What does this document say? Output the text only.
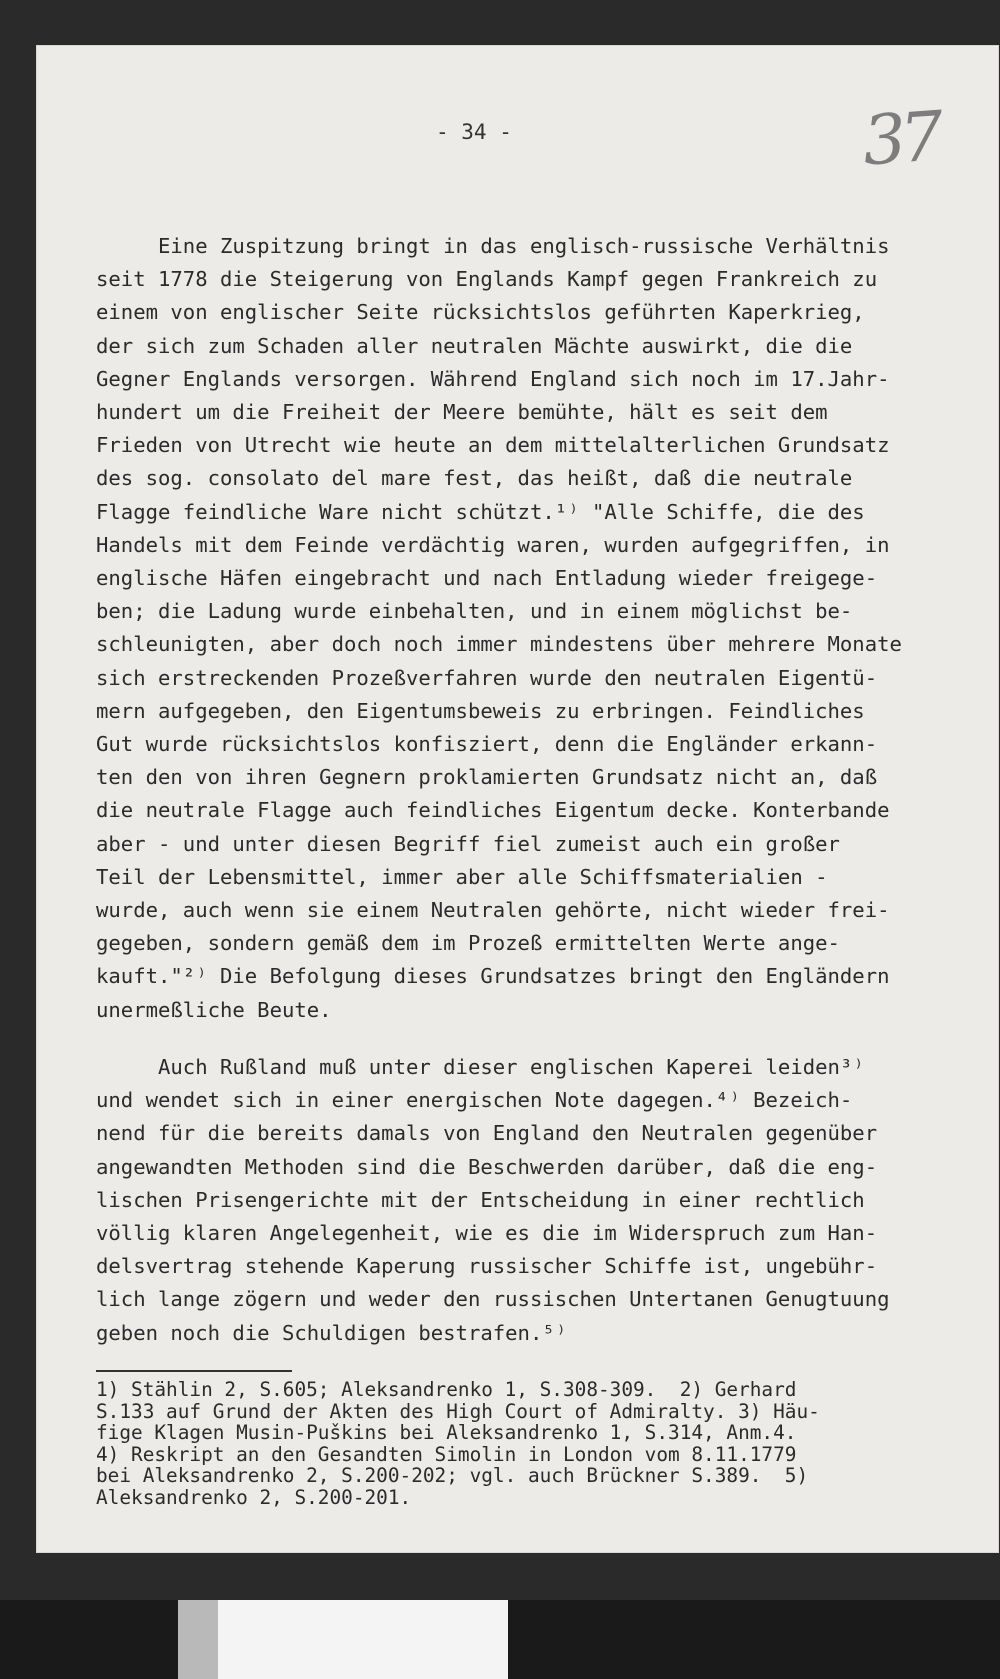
- 34 -	37
Eine Zuspitzung bringt in das englisch-russische Verhältnis
seit 1778 die Steigerung von Englands Kampf gegen Frankreich zu
einem von englischer Seite rücksichtslos geführten Kaperkrieg,
der sich zum Schaden aller neutralen Mächte auswirkt, die die
Gegner Englands versorgen. Während England sich noch im 17.Jahr-
hundert um die Freiheit der Meere bemühte, hält es seit dem
Frieden von Utrecht wie heute an dem mittelalterlichen Grundsatz
des sog. consolato del mare fest, das heißt, daß die neutrale
Flagge feindliche Ware nicht schützt.¹⁾ "Alle Schiffe, die des
Handels mit dem Feinde verdächtig waren, wurden aufgegriffen, in
englische Häfen eingebracht und nach Entladung wieder freigege-
ben; die Ladung wurde einbehalten, und in einem möglichst be-
schleunigten, aber doch noch immer mindestens über mehrere Monate
sich erstreckenden Prozeßverfahren wurde den neutralen Eigentü-
mern aufgegeben, den Eigentumsbeweis zu erbringen. Feindliches
Gut wurde rücksichtslos konfisziert, denn die Engländer erkann-
ten den von ihren Gegnern proklamierten Grundsatz nicht an, daß
die neutrale Flagge auch feindliches Eigentum decke. Konterbande
aber - und unter diesen Begriff fiel zumeist auch ein großer
Teil der Lebensmittel, immer aber alle Schiffsmaterialien -
wurde, auch wenn sie einem Neutralen gehörte, nicht wieder frei-
gegeben, sondern gemäß dem im Prozeß ermittelten Werte ange-
kauft."²⁾ Die Befolgung dieses Grundsatzes bringt den Engländern
unermeßliche Beute.
Auch Rußland muß unter dieser englischen Kaperei leiden³⁾
und wendet sich in einer energischen Note dagegen.⁴⁾ Bezeich-
nend für die bereits damals von England den Neutralen gegenüber
angewandten Methoden sind die Beschwerden darüber, daß die eng-
lischen Prisengerichte mit der Entscheidung in einer rechtlich
völlig klaren Angelegenheit, wie es die im Widerspruch zum Han-
delsvertrag stehende Kaperung russischer Schiffe ist, ungebühr-
lich lange zögern und weder den russischen Untertanen Genugtuung
geben noch die Schuldigen bestrafen.⁵⁾
1) Stählin 2, S.605; Aleksandrenko 1, S.308-309.  2) Gerhard
S.133 auf Grund der Akten des High Court of Admiralty. 3) Häu-
fige Klagen Musin-Puškins bei Aleksandrenko 1, S.314, Anm.4.
4) Reskript an den Gesandten Simolin in London vom 8.11.1779
bei Aleksandrenko 2, S.200-202; vgl. auch Brückner S.389.  5)
Aleksandrenko 2, S.200-201.
